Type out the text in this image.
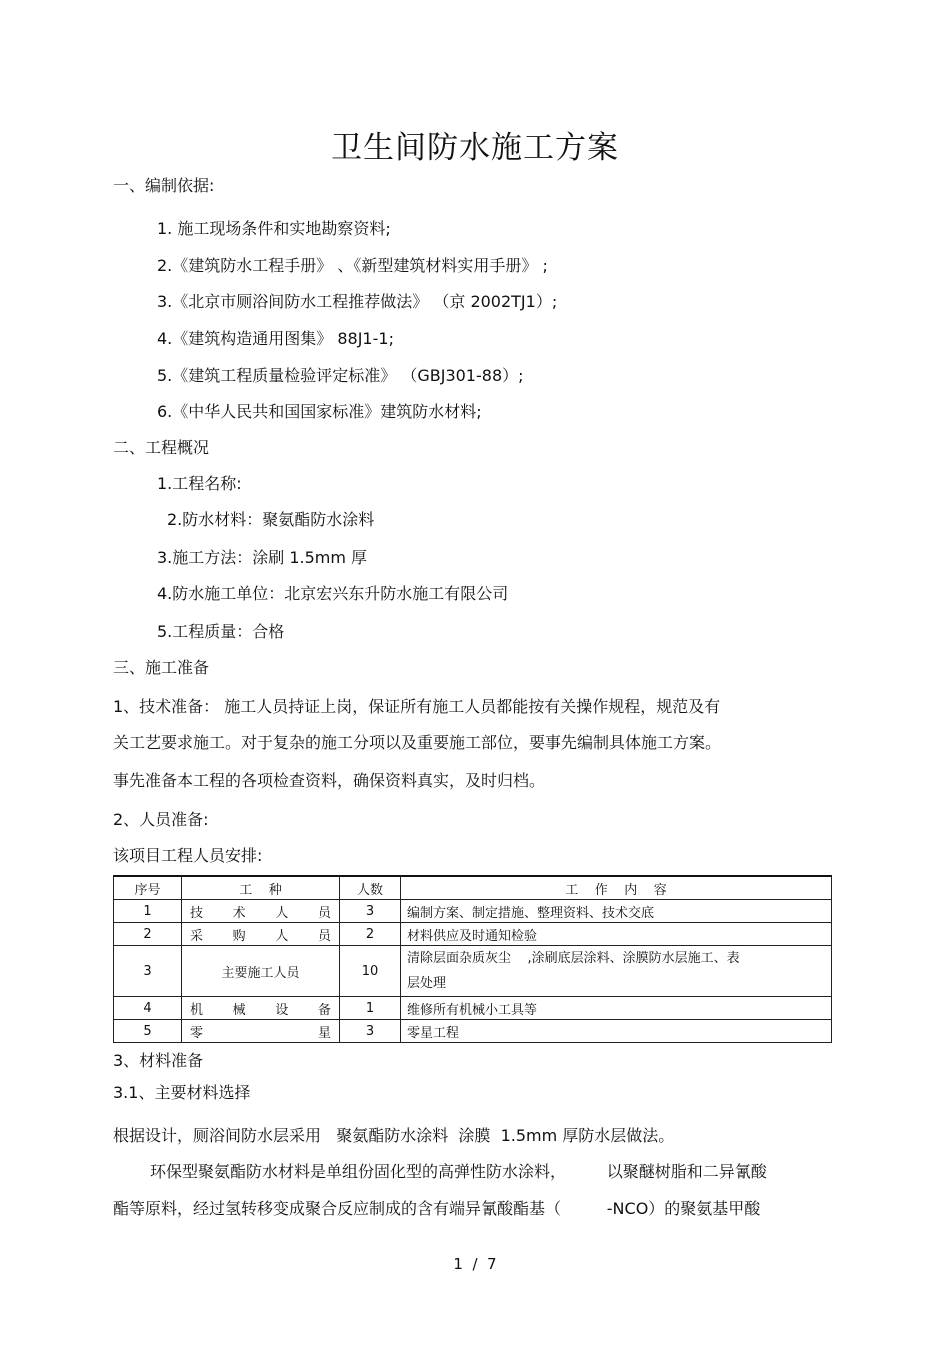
卫生间防水施工方案
一、编制依据:
1. 施工现场条件和实地勘察资料;
2.《建筑防水工程手册》 、《新型建筑材料实用手册》 ;
3.《北京市厕浴间防水工程推荐做法》 （京 2002TJ1）;
4.《建筑构造通用图集》 88J1-1;
5.《建筑工程质量检验评定标准》 （GBJ301-88）;
6.《中华人民共和国国家标准》建筑防水材料;
二、工程概况
1.工程名称:
2.防水材料：聚氨酯防水涂料
3.施工方法：涂刷 1.5mm 厚
4.防水施工单位：北京宏兴东升防水施工有限公司
5.工程质量：合格
三、施工准备
1、技术准备： 施工人员持证上岗，保证所有施工人员都能按有关操作规程，规范及有
关工艺要求施工。对于复杂的施工分项以及重要施工部位，要事先编制具体施工方案。
事先准备本工程的各项检查资料，确保资料真实，及时归档。
2、人员准备:
该项目工程人员安排:
序号	工    种	人数	工    作    内    容
1	技术人员	3	编制方案、制定措施、整理资料、技术交底
2	采购人员	2	材料供应及时通知检验
3	主要施工人员	10	清除层面杂质灰尘    ,涂刷底层涂料、涂膜防水层施工、表
层处理

4	机械设备	1	维修所有机械小工具等
5	零星	3	零星工程
3、材料准备
3.1、主要材料选择
根据设计，厕浴间防水层采用   聚氨酯防水涂料  涂膜  1.5mm 厚防水层做法。
环保型聚氨酯防水材料是单组份固化型的高弹性防水涂料，        以聚醚树脂和二异氰酸
酯等原料，经过氢转移变成聚合反应制成的含有端异氰酸酯基（         -NCO）的聚氨基甲酸
1  /  7
